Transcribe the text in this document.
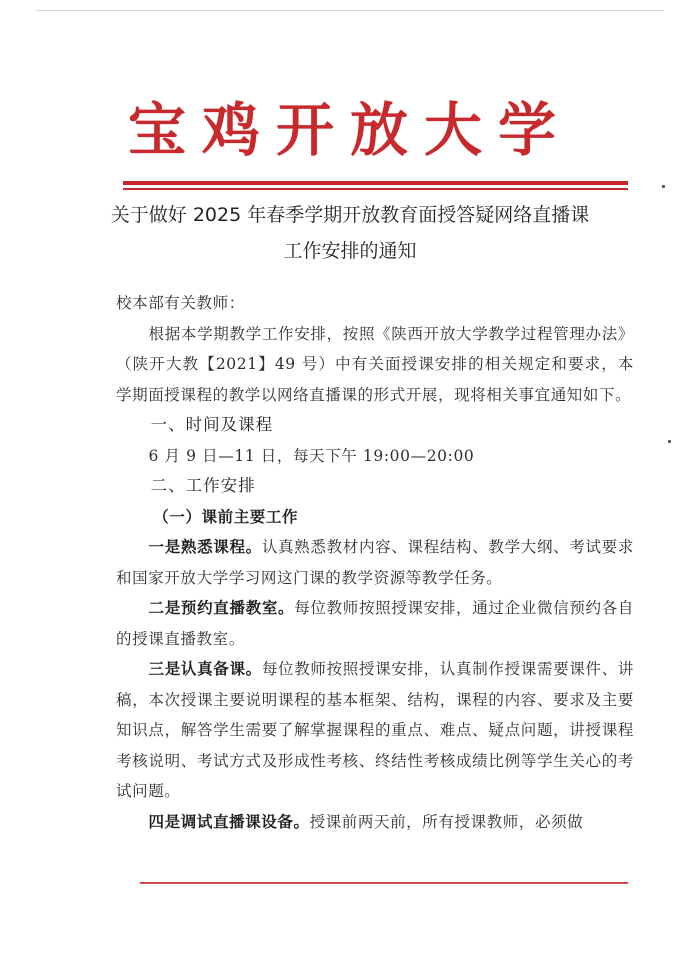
宝鸡开放大学
关于做好 2025 年春季学期开放教育面授答疑网络直播课
工作安排的通知

校本部有关教师：

根据本学期教学工作安排，按照《陕西开放大学教学过程管理办法》（陕开大教【2021】49 号）中有关面授课安排的相关规定和要求，本学期面授课程的教学以网络直播课的形式开展，现将相关事宜通知如下。

一、时间及课程

6 月 9 日—11 日，每天下午 19:00—20:00

二、工作安排

（一）课前主要工作

一是熟悉课程。认真熟悉教材内容、课程结构、教学大纲、考试要求和国家开放大学学习网这门课的教学资源等教学任务。

二是预约直播教室。每位教师按照授课安排，通过企业微信预约各自的授课直播教室。

三是认真备课。每位教师按照授课安排，认真制作授课需要课件、讲稿，本次授课主要说明课程的基本框架、结构，课程的内容、要求及主要知识点，解答学生需要了解掌握课程的重点、难点、疑点问题，讲授课程考核说明、考试方式及形成性考核、终结性考核成绩比例等学生关心的考试问题。

四是调试直播课设备。授课前两天前，所有授课教师，必须做
